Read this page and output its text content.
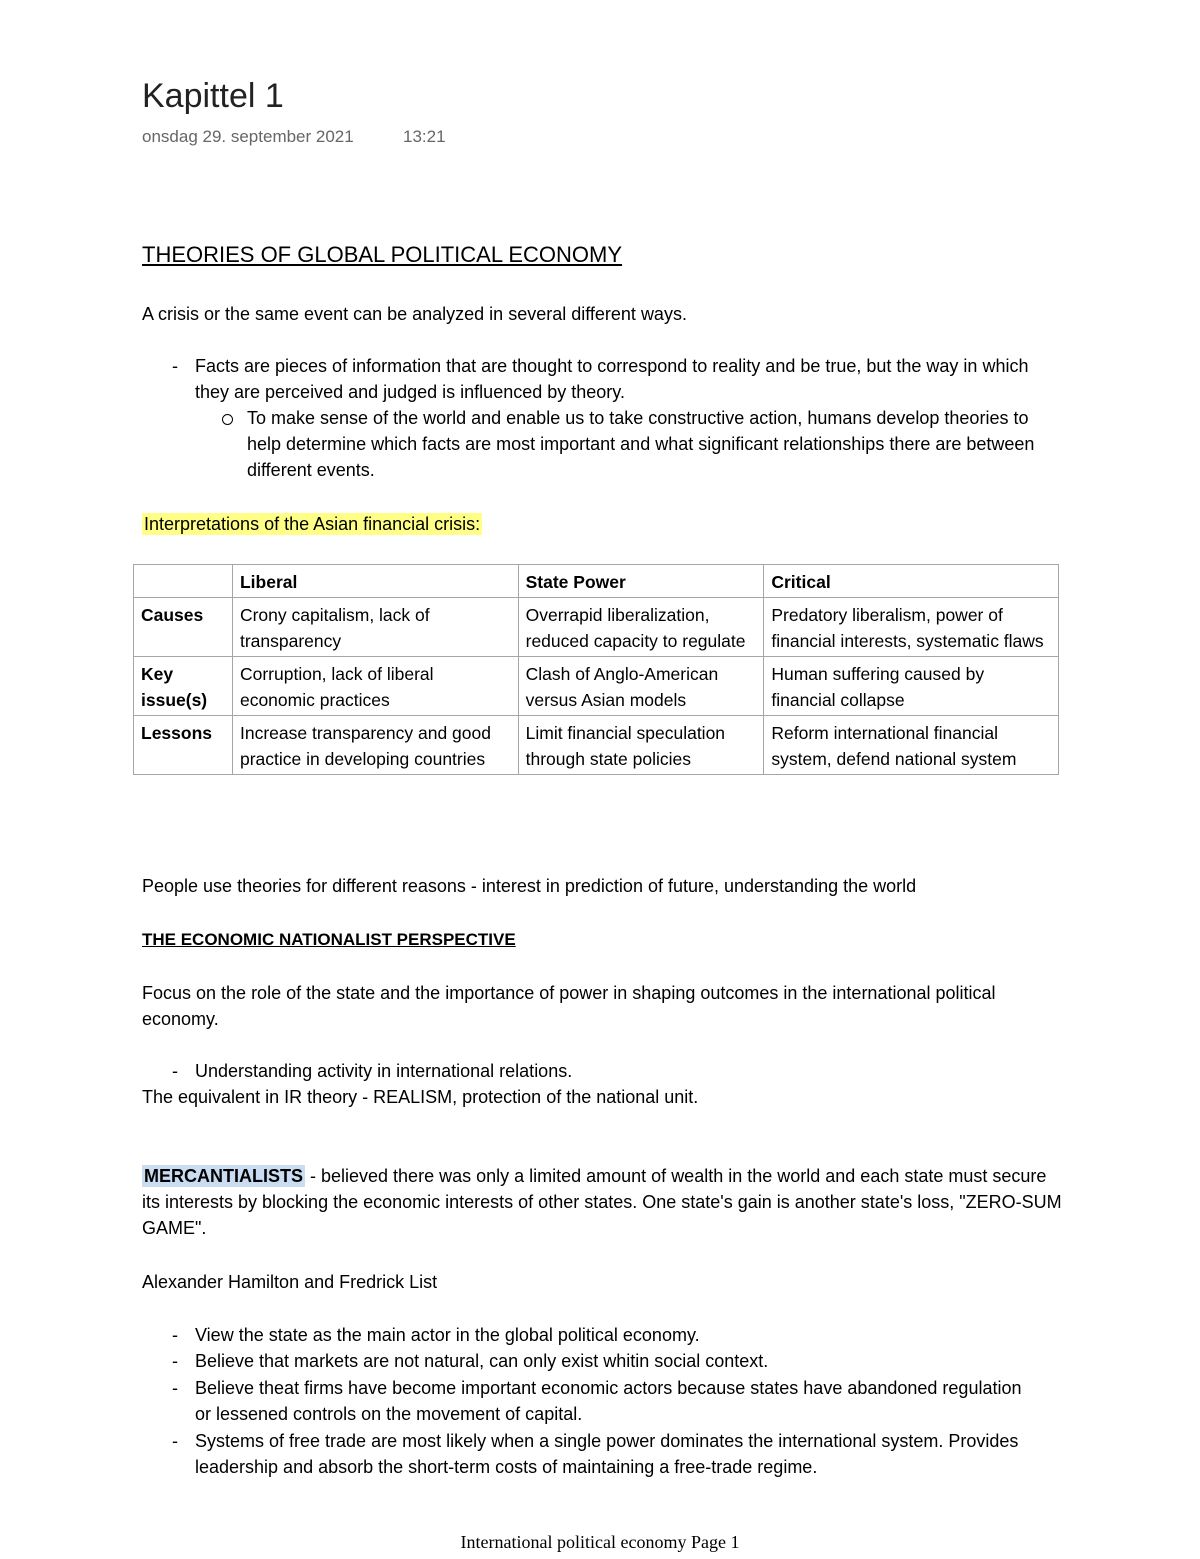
Kapittel 1
onsdag 29. september 2021	13:21
THEORIES OF GLOBAL POLITICAL ECONOMY
A crisis or the same event can be analyzed in several different ways.
- Facts are pieces of information that are thought to correspond to reality and be true, but the way in which they are perceived and judged is influenced by theory.
To make sense of the world and enable us to take constructive action, humans develop theories to help determine which facts are most important and what significant relationships there are between different events.
Interpretations of the Asian financial crisis:
	Liberal	State Power	Critical
Causes	Crony capitalism, lack of transparency	Overrapid liberalization, reduced capacity to regulate	Predatory liberalism, power of financial interests, systematic flaws
Key issue(s)	Corruption, lack of liberal economic practices	Clash of Anglo-American versus Asian models	Human suffering caused by financial collapse
Lessons	Increase transparency and good practice in developing countries	Limit financial speculation through state policies	Reform international financial system, defend national system
People use theories for different reasons - interest in prediction of future, understanding the world
THE ECONOMIC NATIONALIST PERSPECTIVE
Focus on the role of the state and the importance of power in shaping outcomes in the international political economy.
- Understanding activity in international relations.
The equivalent in IR theory - REALISM, protection of the national unit.
MERCANTIALISTS - believed there was only a limited amount of wealth in the world and each state must secure its interests by blocking the economic interests of other states. One state's gain is another state's loss, "ZERO-SUM GAME".
Alexander Hamilton and Fredrick List
- View the state as the main actor in the global political economy.
- Believe that markets are not natural, can only exist whitin social context.
- Believe theat firms have become important economic actors because states have abandoned regulation or lessened controls on the movement of capital.
- Systems of free trade are most likely when a single power dominates the international system. Provides leadership and absorb the short-term costs of maintaining a free-trade regime.
International political economy Page 1
